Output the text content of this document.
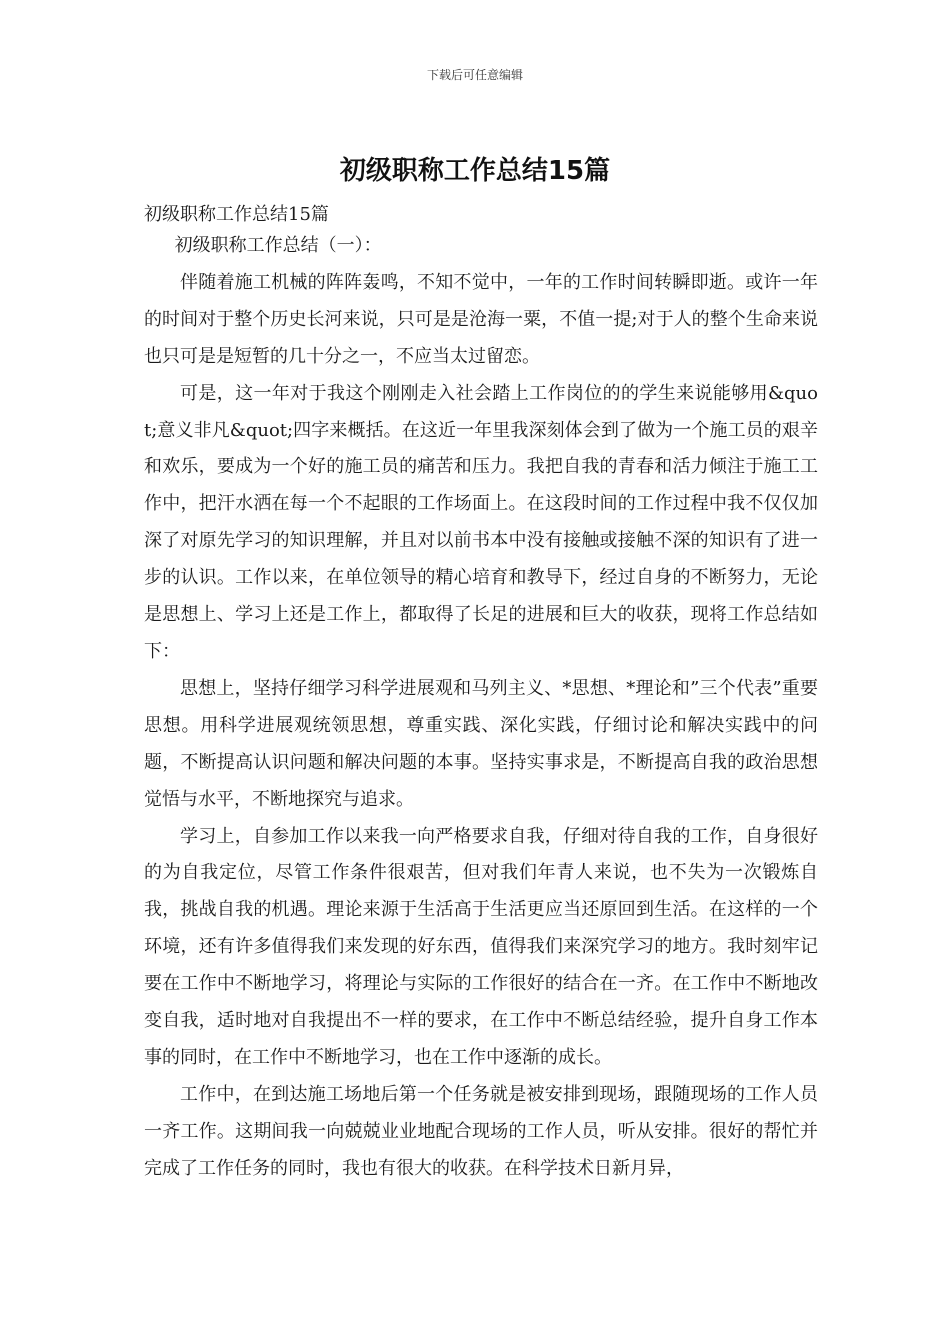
下载后可任意编辑
初级职称工作总结15篇
初级职称工作总结15篇

初级职称工作总结（一）：

伴随着施工机械的阵阵轰鸣，不知不觉中，一年的工作时间转瞬即逝。或许一年的时间对于整个历史长河来说，只可是是沧海一粟，不值一提;对于人的整个生命来说也只可是是短暂的几十分之一，不应当太过留恋。

可是，这一年对于我这个刚刚走入社会踏上工作岗位的的学生来说能够用&quot;意义非凡&quot;四字来概括。在这近一年里我深刻体会到了做为一个施工员的艰辛和欢乐，要成为一个好的施工员的痛苦和压力。我把自我的青春和活力倾注于施工工作中，把汗水洒在每一个不起眼的工作场面上。在这段时间的工作过程中我不仅仅加深了对原先学习的知识理解，并且对以前书本中没有接触或接触不深的知识有了进一步的认识。工作以来，在单位领导的精心培育和教导下，经过自身的不断努力，无论是思想上、学习上还是工作上，都取得了长足的进展和巨大的收获，现将工作总结如下：

思想上，坚持仔细学习科学进展观和马列主义、*思想、*理论和”三个代表”重要思想。用科学进展观统领思想，尊重实践、深化实践，仔细讨论和解决实践中的问题，不断提高认识问题和解决问题的本事。坚持实事求是，不断提高自我的政治思想觉悟与水平，不断地探究与追求。

学习上，自参加工作以来我一向严格要求自我，仔细对待自我的工作，自身很好的为自我定位，尽管工作条件很艰苦，但对我们年青人来说，也不失为一次锻炼自我，挑战自我的机遇。理论来源于生活高于生活更应当还原回到生活。在这样的一个环境，还有许多值得我们来发现的好东西，值得我们来深究学习的地方。我时刻牢记要在工作中不断地学习，将理论与实际的工作很好的结合在一齐。在工作中不断地改变自我，适时地对自我提出不一样的要求，在工作中不断总结经验，提升自身工作本事的同时，在工作中不断地学习，也在工作中逐渐的成长。

工作中，在到达施工场地后第一个任务就是被安排到现场，跟随现场的工作人员一齐工作。这期间我一向兢兢业业地配合现场的工作人员，听从安排。很好的帮忙并完成了工作任务的同时，我也有很大的收获。在科学技术日新月异，
